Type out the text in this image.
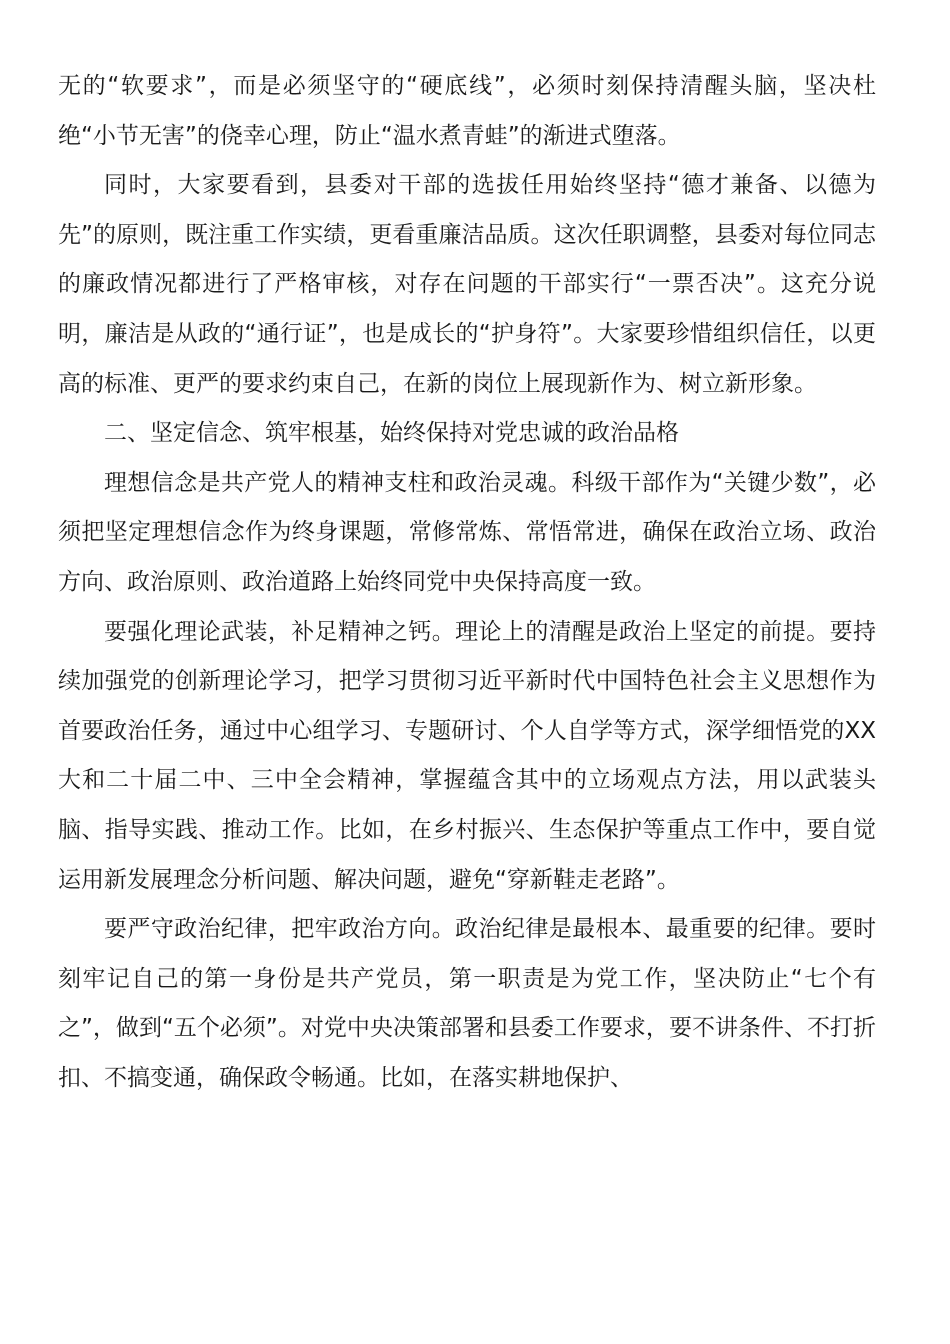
无的“软要求”，而是必须坚守的“硬底线”，必须时刻保持清醒头脑，坚决杜绝“小节无害”的侥幸心理，防止“温水煮青蛙”的渐进式堕落。

同时，大家要看到，县委对干部的选拔任用始终坚持“德才兼备、以德为先”的原则，既注重工作实绩，更看重廉洁品质。这次任职调整，县委对每位同志的廉政情况都进行了严格审核，对存在问题的干部实行“一票否决”。这充分说明，廉洁是从政的“通行证”，也是成长的“护身符”。大家要珍惜组织信任，以更高的标准、更严的要求约束自己，在新的岗位上展现新作为、树立新形象。

二、坚定信念、筑牢根基，始终保持对党忠诚的政治品格

理想信念是共产党人的精神支柱和政治灵魂。科级干部作为“关键少数”，必须把坚定理想信念作为终身课题，常修常炼、常悟常进，确保在政治立场、政治方向、政治原则、政治道路上始终同党中央保持高度一致。

要强化理论武装，补足精神之钙。理论上的清醒是政治上坚定的前提。要持续加强党的创新理论学习，把学习贯彻习近平新时代中国特色社会主义思想作为首要政治任务，通过中心组学习、专题研讨、个人自学等方式，深学细悟党的XX大和二十届二中、三中全会精神，掌握蕴含其中的立场观点方法，用以武装头脑、指导实践、推动工作。比如，在乡村振兴、生态保护等重点工作中，要自觉运用新发展理念分析问题、解决问题，避免“穿新鞋走老路”。

要严守政治纪律，把牢政治方向。政治纪律是最根本、最重要的纪律。要时刻牢记自己的第一身份是共产党员，第一职责是为党工作，坚决防止“七个有之”，做到“五个必须”。对党中央决策部署和县委工作要求，要不讲条件、不打折扣、不搞变通，确保政令畅通。比如，在落实耕地保护、
